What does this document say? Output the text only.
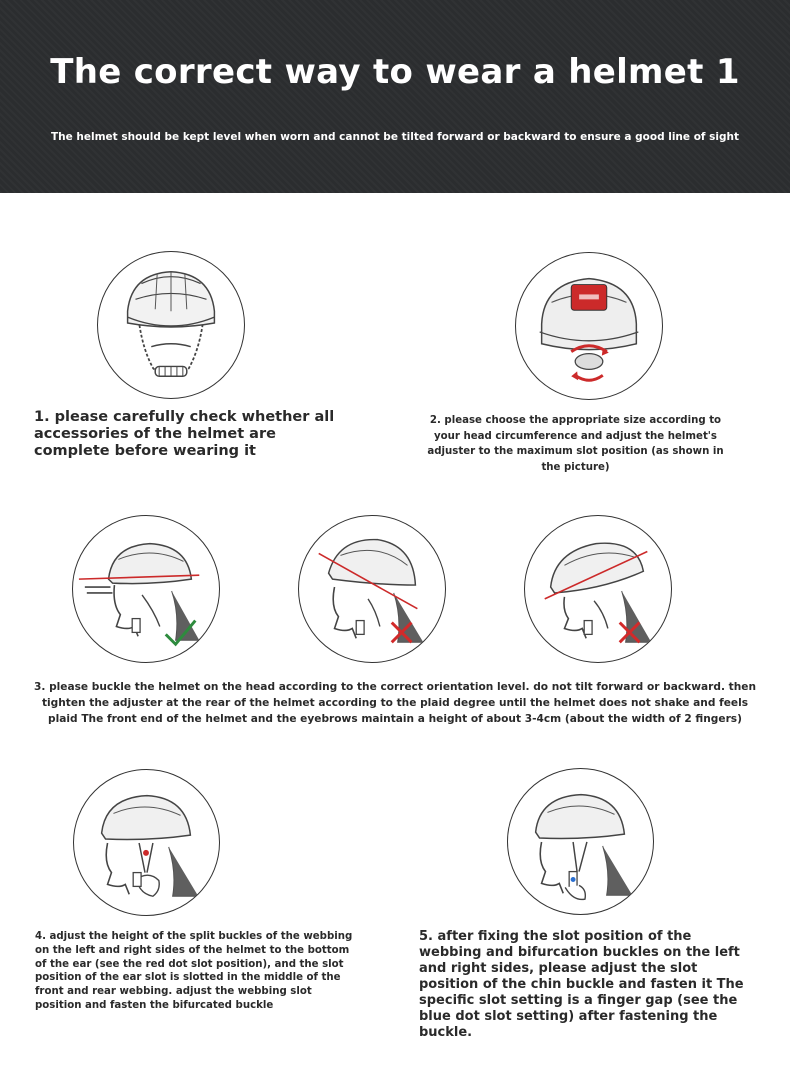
The correct way to wear a helmet 1
The helmet should be kept level when worn and cannot be tilted forward or backward to ensure a good line of sight
1. please carefully check whether all accessories of the helmet are complete before wearing it
2. please choose the appropriate size according to your head circumference and adjust the helmet's adjuster to the maximum slot position (as shown in the picture)
3. please buckle the helmet on the head according to the correct orientation level. do not tilt forward or backward. then tighten the adjuster at the rear of the helmet according to the plaid degree until the helmet does not shake and feels plaid The front end of the helmet and the eyebrows maintain a height of about 3-4cm (about the width of 2 fingers)
4. adjust the height of the split buckles of the webbing on the left and right sides of the helmet to the bottom of the ear (see the red dot slot position), and the slot position of the ear slot is slotted in the middle of the front and rear webbing. adjust the webbing slot position and fasten the bifurcated buckle
5. after fixing the slot position of the webbing and bifurcation buckles on the left and right sides, please adjust the slot position of the chin buckle and fasten it The specific slot setting is a finger gap (see the blue dot slot setting) after fastening the buckle.
